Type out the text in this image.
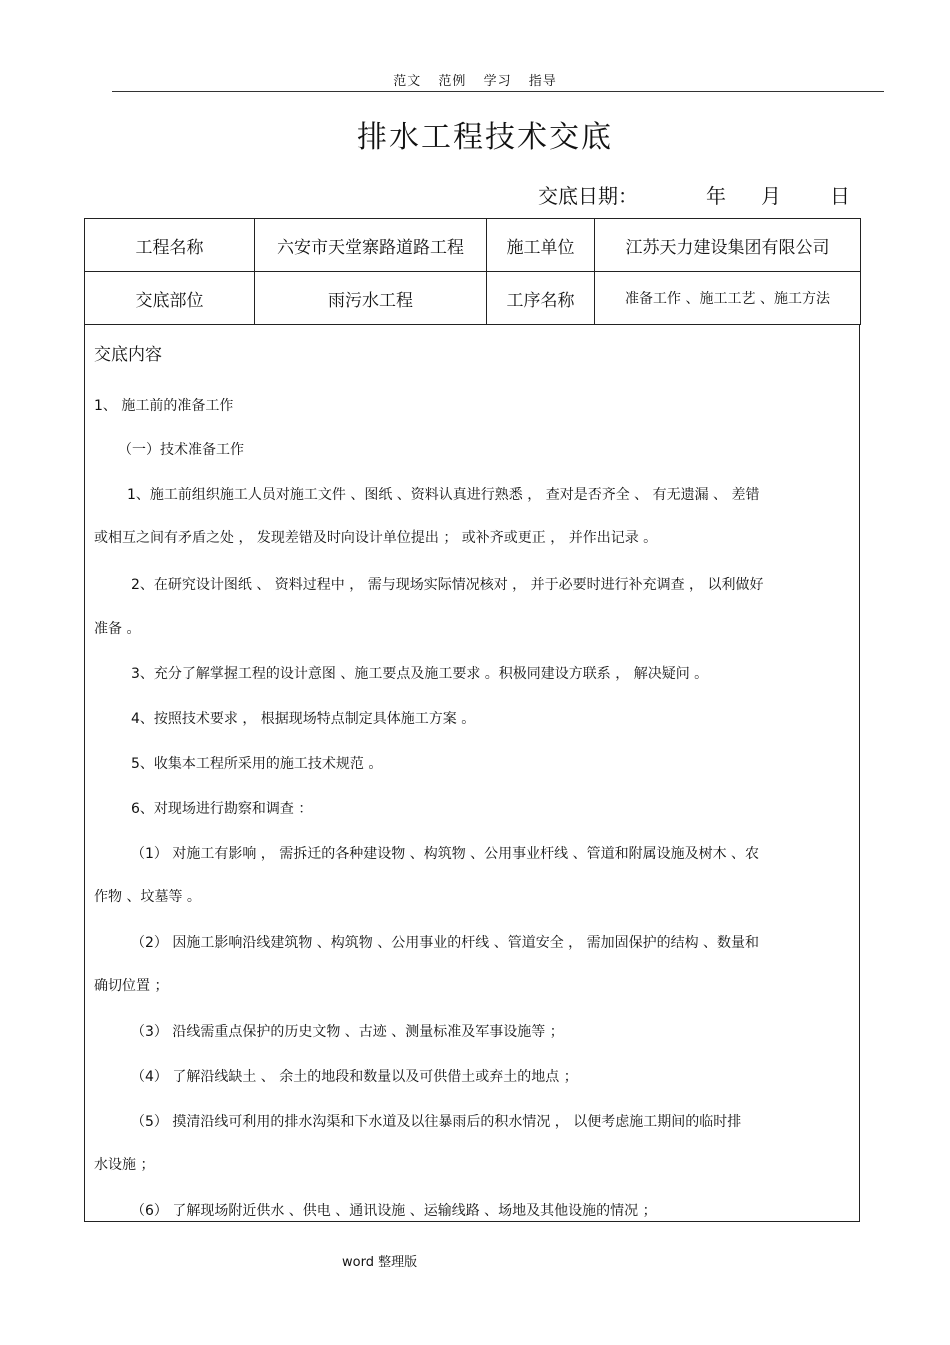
范文 范例 学习 指导
排水工程技术交底
交底日期：	年 月 日
工程名称	六安市天堂寨路道路工程	施工单位	江苏天力建设集团有限公司
交底部位	雨污水工程	工序名称	准备工作 、施工工艺 、施工方法
交底内容
1、 施工前的准备工作
（一）技术准备工作
1、施工前组织施工人员对施工文件 、图纸 、资料认真进行熟悉 ， 查对是否齐全 、 有无遗漏 、 差错
或相互之间有矛盾之处 ， 发现差错及时向设计单位提出 ； 或补齐或更正 ， 并作出记录 。
2、在研究设计图纸 、 资料过程中 ， 需与现场实际情况核对 ， 并于必要时进行补充调查 ， 以利做好
准备 。
3、充分了解掌握工程的设计意图 、施工要点及施工要求 。积极同建设方联系 ， 解决疑问 。
4、按照技术要求 ， 根据现场特点制定具体施工方案 。
5、收集本工程所采用的施工技术规范 。
6、对现场进行勘察和调查 ：
（1） 对施工有影响 ， 需拆迁的各种建设物 、构筑物 、公用事业杆线 、管道和附属设施及树木 、农
作物 、坟墓等 。
（2） 因施工影响沿线建筑物 、构筑物 、公用事业的杆线 、管道安全 ， 需加固保护的结构 、数量和
确切位置 ；
（3） 沿线需重点保护的历史文物 、古迹 、测量标准及军事设施等 ；
（4） 了解沿线缺土 、 余土的地段和数量以及可供借土或弃土的地点 ；
（5） 摸清沿线可利用的排水沟渠和下水道及以往暴雨后的积水情况 ， 以便考虑施工期间的临时排
水设施 ；
（6） 了解现场附近供水 、供电 、通讯设施 、运输线路 、场地及其他设施的情况 ；
word 整理版
